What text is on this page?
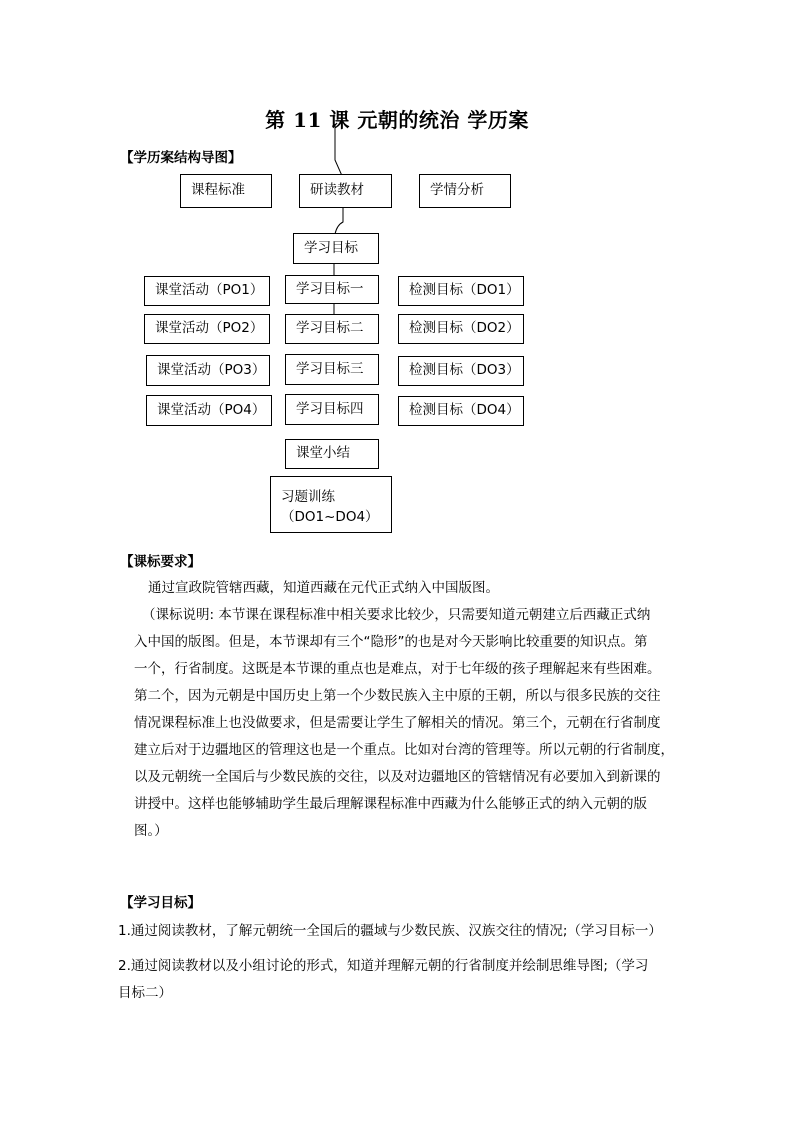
第 11 课 元朝的统治 学历案
【学历案结构导图】
课程标准	研读教材	学情分析
学习目标
课堂活动（PO1）	学习目标一	检测目标（DO1）
课堂活动（PO2）	学习目标二	检测目标（DO2）
课堂活动（PO3）	学习目标三	检测目标（DO3）
课堂活动（PO4）	学习目标四	检测目标（DO4）
课堂小结
习题训练
（DO1~DO4）
【课标要求】
通过宣政院管辖西藏，知道西藏在元代正式纳入中国版图。
（课标说明: 本节课在课程标准中相关要求比较少，只需要知道元朝建立后西藏正式纳
入中国的版图。但是，本节课却有三个“隐形”的也是对今天影响比较重要的知识点。第
一个，行省制度。这既是本节课的重点也是难点，对于七年级的孩子理解起来有些困难。
第二个，因为元朝是中国历史上第一个少数民族入主中原的王朝，所以与很多民族的交往
情况课程标准上也没做要求，但是需要让学生了解相关的情况。第三个，元朝在行省制度
建立后对于边疆地区的管理这也是一个重点。比如对台湾的管理等。所以元朝的行省制度，
以及元朝统一全国后与少数民族的交往，以及对边疆地区的管辖情况有必要加入到新课的
讲授中。这样也能够辅助学生最后理解课程标准中西藏为什么能够正式的纳入元朝的版
图。）
【学习目标】
1.通过阅读教材，了解元朝统一全国后的疆域与少数民族、汉族交往的情况;（学习目标一）
2.通过阅读教材以及小组讨论的形式，知道并理解元朝的行省制度并绘制思维导图;（学习
目标二）
